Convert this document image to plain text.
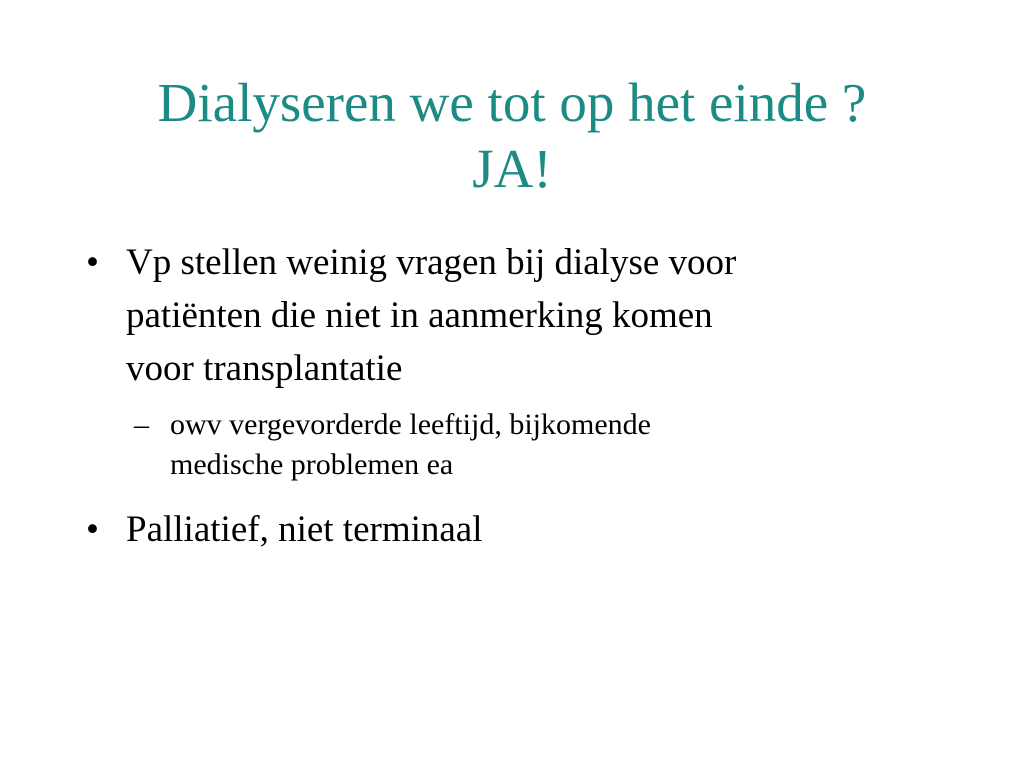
Dialyseren we tot op het einde ?
JA!
• Vp stellen weinig vragen bij dialyse voor
patiënten die niet in aanmerking komen
voor transplantatie
– owv vergevorderde leeftijd, bijkomende
medische problemen ea
• Palliatief, niet terminaal
